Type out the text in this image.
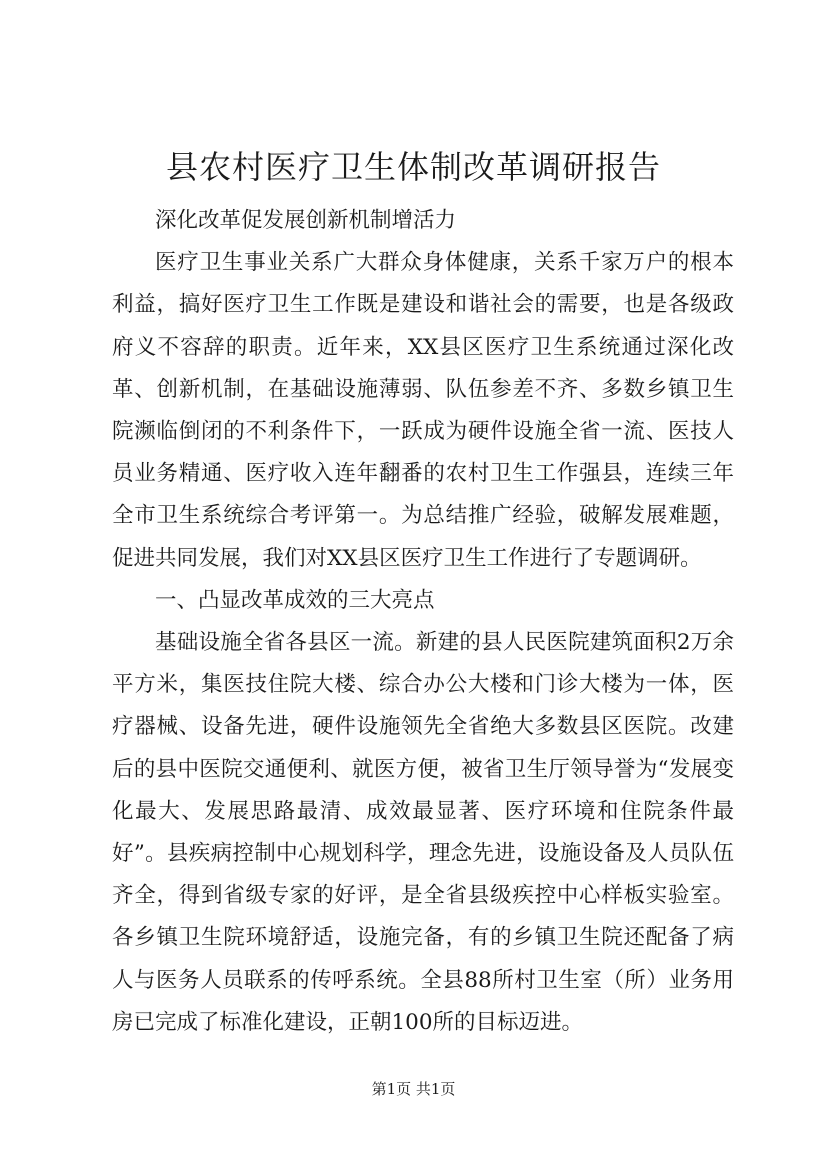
县农村医疗卫生体制改革调研报告

深化改革促发展创新机制增活力

医疗卫生事业关系广大群众身体健康，关系千家万户的根本利益，搞好医疗卫生工作既是建设和谐社会的需要，也是各级政府义不容辞的职责。近年来，XX县区医疗卫生系统通过深化改革、创新机制，在基础设施薄弱、队伍参差不齐、多数乡镇卫生院濒临倒闭的不利条件下，一跃成为硬件设施全省一流、医技人员业务精通、医疗收入连年翻番的农村卫生工作强县，连续三年全市卫生系统综合考评第一。为总结推广经验，破解发展难题，促进共同发展，我们对XX县区医疗卫生工作进行了专题调研。

一、凸显改革成效的三大亮点

基础设施全省各县区一流。新建的县人民医院建筑面积2万余平方米，集医技住院大楼、综合办公大楼和门诊大楼为一体，医疗器械、设备先进，硬件设施领先全省绝大多数县区医院。改建后的县中医院交通便利、就医方便，被省卫生厅领导誉为“发展变化最大、发展思路最清、成效最显著、医疗环境和住院条件最好”。县疾病控制中心规划科学，理念先进，设施设备及人员队伍齐全，得到省级专家的好评，是全省县级疾控中心样板实验室。各乡镇卫生院环境舒适，设施完备，有的乡镇卫生院还配备了病人与医务人员联系的传呼系统。全县88所村卫生室（所）业务用房已完成了标准化建设，正朝100所的目标迈进。

第1页 共1页
